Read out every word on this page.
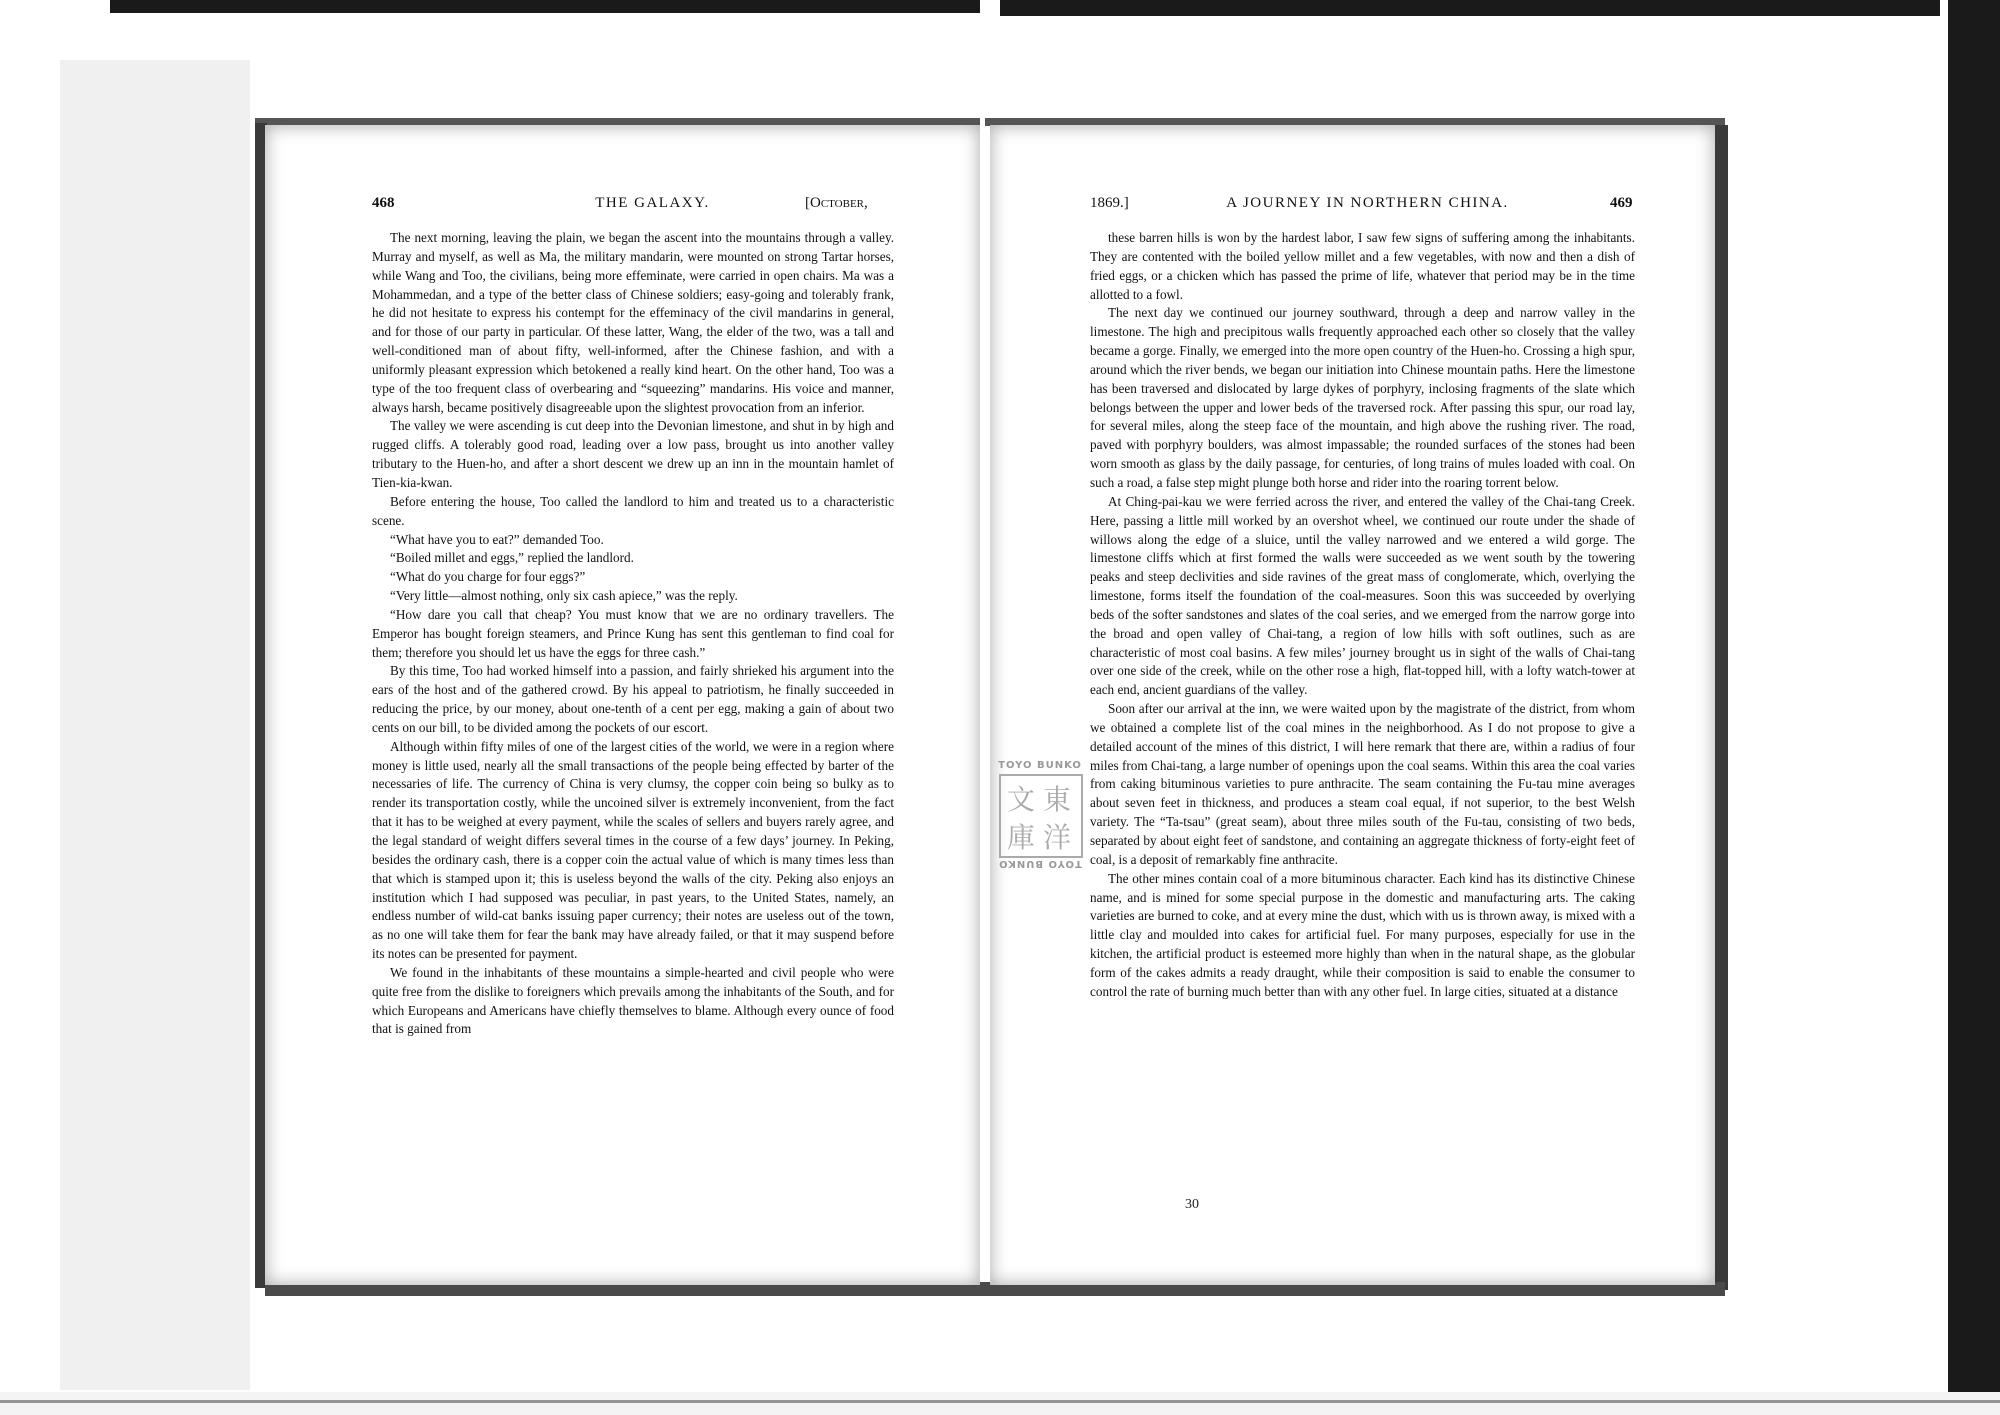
468	THE GALAXY.	[October,

The next morning, leaving the plain, we began the ascent into the mountains through a valley. Murray and myself, as well as Ma, the military mandarin, were mounted on strong Tartar horses, while Wang and Too, the civilians, being more effeminate, were carried in open chairs. Ma was a Mohammedan, and a type of the better class of Chinese soldiers; easy-going and tolerably frank, he did not hesitate to express his contempt for the effeminacy of the civil mandarins in general, and for those of our party in particular. Of these latter, Wang, the elder of the two, was a tall and well-conditioned man of about fifty, well-informed, after the Chinese fashion, and with a uniformly pleasant expression which betokened a really kind heart. On the other hand, Too was a type of the too frequent class of overbearing and “squeezing” mandarins. His voice and manner, always harsh, became positively disagreeable upon the slightest provocation from an inferior.

The valley we were ascending is cut deep into the Devonian limestone, and shut in by high and rugged cliffs. A tolerably good road, leading over a low pass, brought us into another valley tributary to the Huen-ho, and after a short descent we drew up an inn in the mountain hamlet of Tien-kia-kwan.

Before entering the house, Too called the landlord to him and treated us to a characteristic scene.

“What have you to eat?” demanded Too.

“Boiled millet and eggs,” replied the landlord.

“What do you charge for four eggs?”

“Very little—almost nothing, only six cash apiece,” was the reply.

“How dare you call that cheap? You must know that we are no ordinary travellers. The Emperor has bought foreign steamers, and Prince Kung has sent this gentleman to find coal for them; therefore you should let us have the eggs for three cash.”

By this time, Too had worked himself into a passion, and fairly shrieked his argument into the ears of the host and of the gathered crowd. By his appeal to patriotism, he finally succeeded in reducing the price, by our money, about one-tenth of a cent per egg, making a gain of about two cents on our bill, to be divided among the pockets of our escort.

Although within fifty miles of one of the largest cities of the world, we were in a region where money is little used, nearly all the small transactions of the people being effected by barter of the necessaries of life. The currency of China is very clumsy, the copper coin being so bulky as to render its transportation costly, while the uncoined silver is extremely inconvenient, from the fact that it has to be weighed at every payment, while the scales of sellers and buyers rarely agree, and the legal standard of weight differs several times in the course of a few days’ journey. In Peking, besides the ordinary cash, there is a copper coin the actual value of which is many times less than that which is stamped upon it; this is useless beyond the walls of the city. Peking also enjoys an institution which I had supposed was peculiar, in past years, to the United States, namely, an endless number of wild-cat banks issuing paper currency; their notes are useless out of the town, as no one will take them for fear the bank may have already failed, or that it may suspend before its notes can be presented for payment.

We found in the inhabitants of these mountains a simple-hearted and civil people who were quite free from the dislike to foreigners which prevails among the inhabitants of the South, and for which Europeans and Americans have chiefly themselves to blame. Although every ounce of food that is gained from

1869.]	A JOURNEY IN NORTHERN CHINA.	469

these barren hills is won by the hardest labor, I saw few signs of suffering among the inhabitants. They are contented with the boiled yellow millet and a few vegetables, with now and then a dish of fried eggs, or a chicken which has passed the prime of life, whatever that period may be in the time allotted to a fowl.

The next day we continued our journey southward, through a deep and narrow valley in the limestone. The high and precipitous walls frequently approached each other so closely that the valley became a gorge. Finally, we emerged into the more open country of the Huen-ho. Crossing a high spur, around which the river bends, we began our initiation into Chinese mountain paths. Here the limestone has been traversed and dislocated by large dykes of porphyry, inclosing fragments of the slate which belongs between the upper and lower beds of the traversed rock. After passing this spur, our road lay, for several miles, along the steep face of the mountain, and high above the rushing river. The road, paved with porphyry boulders, was almost impassable; the rounded surfaces of the stones had been worn smooth as glass by the daily passage, for centuries, of long trains of mules loaded with coal. On such a road, a false step might plunge both horse and rider into the roaring torrent below.

At Ching-pai-kau we were ferried across the river, and entered the valley of the Chai-tang Creek. Here, passing a little mill worked by an overshot wheel, we continued our route under the shade of willows along the edge of a sluice, until the valley narrowed and we entered a wild gorge. The limestone cliffs which at first formed the walls were succeeded as we went south by the towering peaks and steep declivities and side ravines of the great mass of conglomerate, which, overlying the limestone, forms itself the foundation of the coal-measures. Soon this was succeeded by overlying beds of the softer sandstones and slates of the coal series, and we emerged from the narrow gorge into the broad and open valley of Chai-tang, a region of low hills with soft outlines, such as are characteristic of most coal basins. A few miles’ journey brought us in sight of the walls of Chai-tang over one side of the creek, while on the other rose a high, flat-topped hill, with a lofty watch-tower at each end, ancient guardians of the valley.

Soon after our arrival at the inn, we were waited upon by the magistrate of the district, from whom we obtained a complete list of the coal mines in the neighborhood. As I do not propose to give a detailed account of the mines of this district, I will here remark that there are, within a radius of four miles from Chai-tang, a large number of openings upon the coal seams. Within this area the coal varies from caking bituminous varieties to pure anthracite. The seam containing the Fu-tau mine averages about seven feet in thickness, and produces a steam coal equal, if not superior, to the best Welsh variety. The “Ta-tsau” (great seam), about three miles south of the Fu-tau, consisting of two beds, separated by about eight feet of sandstone, and containing an aggregate thickness of forty-eight feet of coal, is a deposit of remarkably fine anthracite.

The other mines contain coal of a more bituminous character. Each kind has its distinctive Chinese name, and is mined for some special purpose in the domestic and manufacturing arts. The caking varieties are burned to coke, and at every mine the dust, which with us is thrown away, is mixed with a little clay and moulded into cakes for artificial fuel. For many purposes, especially for use in the kitchen, the artificial product is esteemed more highly than when in the natural shape, as the globular form of the cakes admits a ready draught, while their composition is said to enable the consumer to control the rate of burning much better than with any other fuel. In large cities, situated at a distance

30
TOYO BUNKO
東
洋
文
庫
TOYO BUNKO
